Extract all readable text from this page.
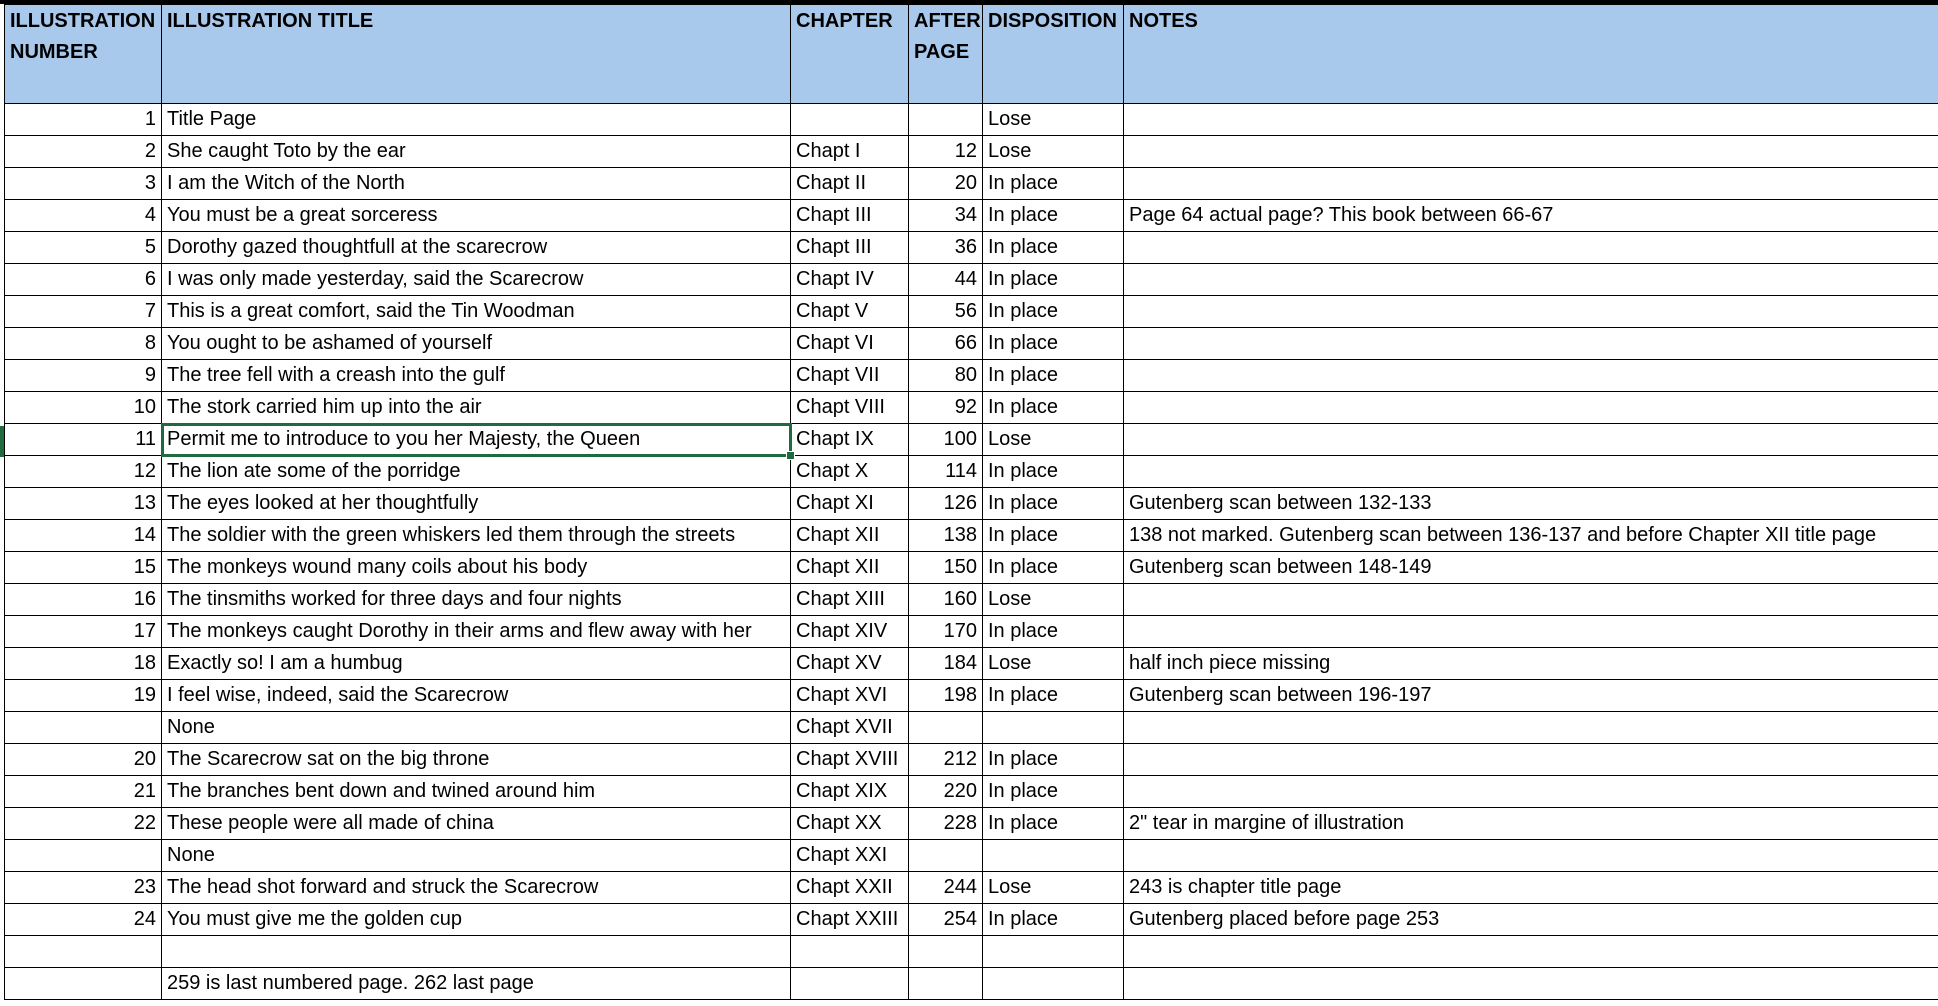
ILLUSTRATION NUMBER	ILLUSTRATION TITLE	CHAPTER	AFTER PAGE	DISPOSITION	NOTES
1	Title Page			Lose	
2	She caught Toto by the ear	Chapt I	12	Lose	
3	I am the Witch of the North	Chapt II	20	In place	
4	You must be a great sorceress	Chapt III	34	In place	Page 64 actual page? This book between 66-67
5	Dorothy gazed thoughtfull at the scarecrow	Chapt III	36	In place	
6	I was only made yesterday, said the Scarecrow	Chapt IV	44	In place	
7	This is a great comfort, said the Tin Woodman	Chapt V	56	In place	
8	You ought to be ashamed of yourself	Chapt VI	66	In place	
9	The tree fell with a creash into the gulf	Chapt VII	80	In place	
10	The stork carried him up into the air	Chapt VIII	92	In place	
11	Permit me to introduce to you her Majesty, the Queen	Chapt IX	100	Lose	
12	The lion ate some of the porridge	Chapt X	114	In place	
13	The eyes looked at her thoughtfully	Chapt XI	126	In place	Gutenberg scan between 132-133
14	The soldier with the green whiskers led them through the streets	Chapt XII	138	In place	138 not marked. Gutenberg scan between 136-137 and before Chapter XII title page
15	The monkeys wound many coils about his body	Chapt XII	150	In place	Gutenberg scan between 148-149
16	The tinsmiths worked for three days and four nights	Chapt XIII	160	Lose	
17	The monkeys caught Dorothy in their arms and flew away with her	Chapt XIV	170	In place	
18	Exactly so! I am a humbug	Chapt XV	184	Lose	half inch piece missing
19	I feel wise, indeed, said the Scarecrow	Chapt XVI	198	In place	Gutenberg scan between 196-197
	None	Chapt XVII			
20	The Scarecrow sat on the big throne	Chapt XVIII	212	In place	
21	The branches bent down and twined around him	Chapt XIX	220	In place	
22	These people were all made of china	Chapt XX	228	In place	2" tear in margine of illustration
	None	Chapt XXI			
23	The head shot forward and struck the Scarecrow	Chapt XXII	244	Lose	243 is chapter title page
24	You must give me the golden cup	Chapt XXIII	254	In place	Gutenberg placed before page 253

	259 is last numbered page. 262 last page				
